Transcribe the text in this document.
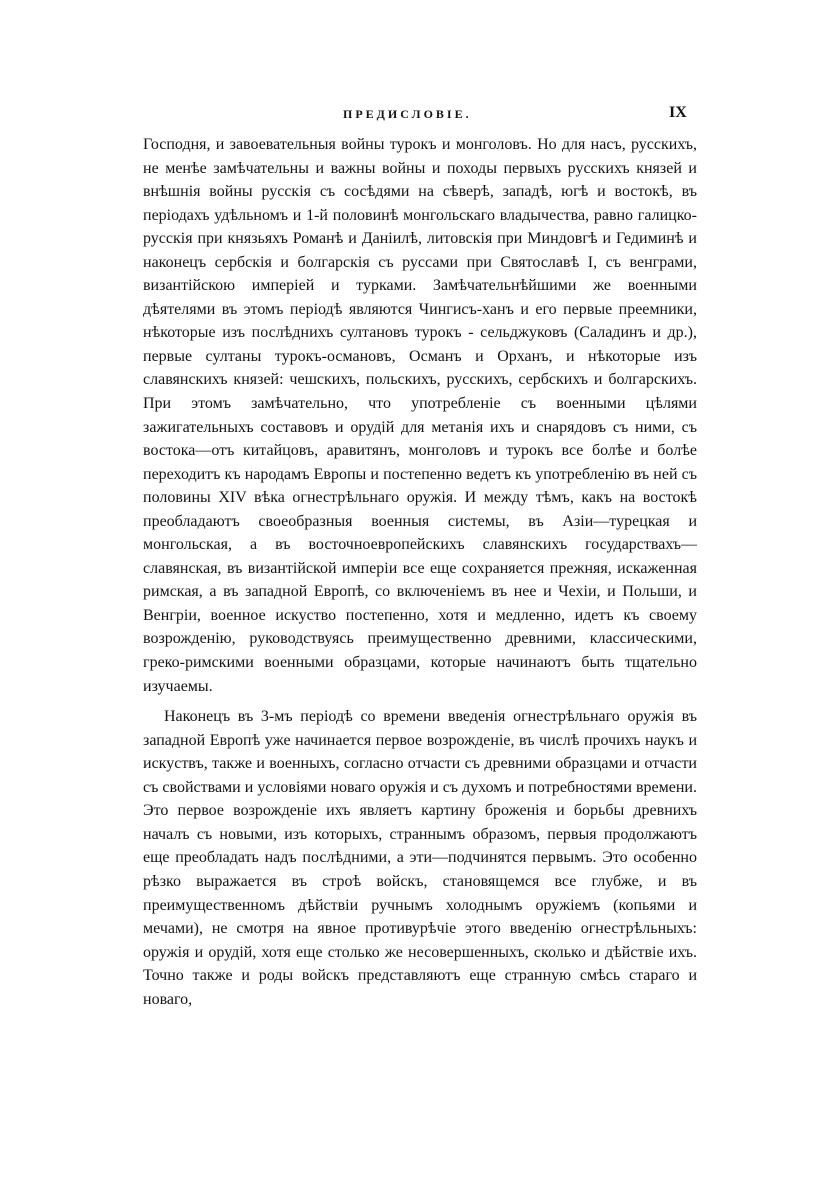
ПРЕДИСЛОВІЕ.	IX

Господня, и завоевательныя войны турокъ и монголовъ. Но для насъ, русскихъ, не менѣе замѣчательны и важны войны и походы первыхъ русскихъ князей и внѣшнія войны русскія съ сосѣдями на сѣверѣ, западѣ, югѣ и востокѣ, въ періодахъ удѣльномъ и 1-й половинѣ монгольскаго владычества, равно галицко-русскія при князьяхъ Романѣ и Даніилѣ, литовскія при Миндовгѣ и Гедиминѣ и наконецъ сербскія и болгарскія съ руссами при Святославѣ I, съ венграми, византійскою имперіей и турками. Замѣчательнѣйшими же военными дѣятелями въ этомъ періодѣ являются Чингисъ-ханъ и его первые преемники, нѣкоторые изъ послѣднихъ султановъ турокъ - сельджуковъ (Саладинъ и др.), первые султаны турокъ-османовъ, Османъ и Орханъ, и нѣкоторые изъ славянскихъ князей: чешскихъ, польскихъ, русскихъ, сербскихъ и болгарскихъ. При этомъ замѣчательно, что употребленіе съ военными цѣлями зажигательныхъ составовъ и орудій для метанія ихъ и снарядовъ съ ними, съ востока—отъ китайцовъ, аравитянъ, монголовъ и турокъ все болѣе и болѣе переходитъ къ народамъ Европы и постепенно ведетъ къ употребленію въ ней съ половины XIV вѣка огнестрѣльнаго оружія. И между тѣмъ, какъ на востокѣ преобладаютъ своеобразныя военныя системы, въ Азіи—турецкая и монгольская, а въ восточноевропейскихъ славянскихъ государствахъ—славянская, въ византійской имперіи все еще сохраняется прежняя, искаженная римская, а въ западной Европѣ, со включеніемъ въ нее и Чехіи, и Польши, и Венгріи, военное искуство постепенно, хотя и медленно, идетъ къ своему возрожденію, руководствуясь преимущественно древними, классическими, греко-римскими военными образцами, которые начинаютъ быть тщательно изучаемы.

Наконецъ въ 3-мъ періодѣ со времени введенія огнестрѣльнаго оружія въ западной Европѣ уже начинается первое возрожденіе, въ числѣ прочихъ наукъ и искуствъ, также и военныхъ, согласно отчасти съ древними образцами и отчасти съ свойствами и условіями новаго оружія и съ духомъ и потребностями времени. Это первое возрожденіе ихъ являетъ картину броженія и борьбы древнихъ началъ съ новыми, изъ которыхъ, страннымъ образомъ, первыя продолжаютъ еще преобладать надъ послѣдними, а эти—подчинятся первымъ. Это особенно рѣзко выражается въ строѣ войскъ, становящемся все глубже, и въ преимущественномъ дѣйствіи ручнымъ холоднымъ оружіемъ (копьями и мечами), не смотря на явное противурѣчіе этого введенію огнестрѣльныхъ: оружія и орудій, хотя еще столько же несовершенныхъ, сколько и дѣйствіе ихъ. Точно также и роды войскъ представляютъ еще странную смѣсь стараго и новаго,
